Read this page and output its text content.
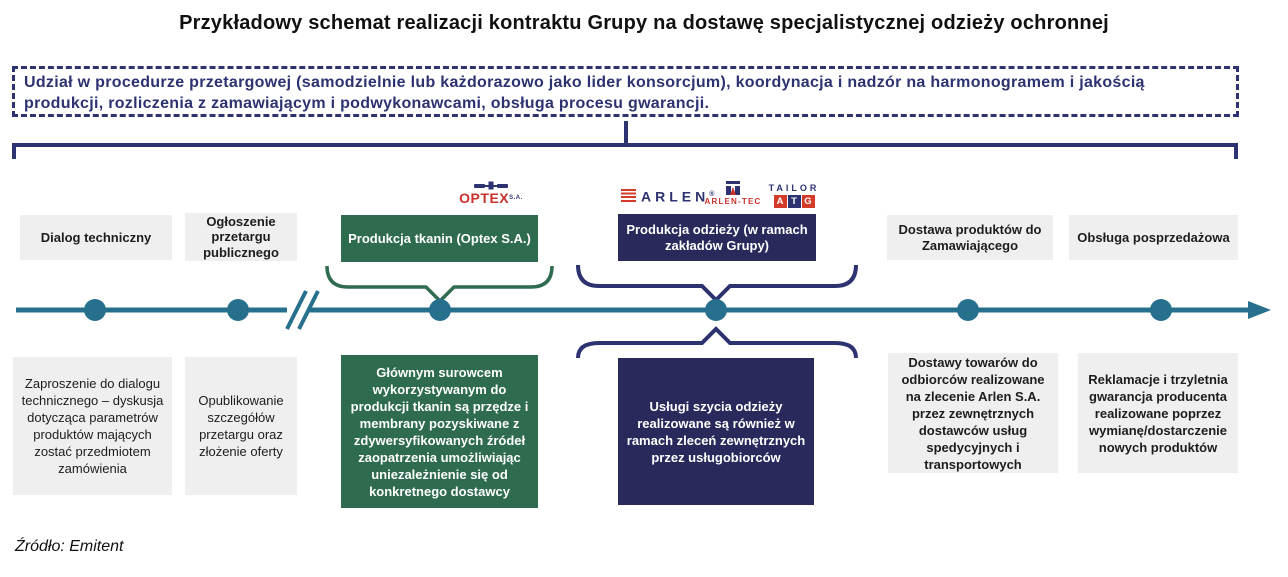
Przykładowy schemat realizacji kontraktu Grupy na dostawę specjalistycznej odzieży ochronnej
Udział w procedurze przetargowej (samodzielnie lub każdorazowo jako lider konsorcjum), koordynacja i nadzór na harmonogramem i jakością produkcji, rozliczenia z zamawiającym i podwykonawcami, obsługa procesu gwarancji.
OPTEXS.A.	ARLEN®
ARLEN-TEC
TAILOR
A T G
Dialog techniczny
Ogłoszenie przetargu publicznego
Produkcja tkanin (Optex S.A.)
Produkcja odzieży (w ramach zakładów Grupy)
Dostawa produktów do Zamawiającego
Obsługa posprzedażowa
Zaproszenie do dialogu technicznego – dyskusja dotycząca parametrów produktów mających zostać przedmiotem zamówienia
Opublikowanie szczegółów przetargu oraz złożenie oferty
Głównym surowcem wykorzystywanym do produkcji tkanin są przędze i membrany pozyskiwane z zdywersyfikowanych źródeł zaopatrzenia umożliwiając uniezależnienie się od konkretnego dostawcy
Usługi szycia odzieży realizowane są również w ramach zleceń zewnętrznych przez usługobiorców
Dostawy towarów do odbiorców realizowane na zlecenie Arlen S.A. przez zewnętrznych dostawców usług spedycyjnych i transportowych
Reklamacje i trzyletnia gwarancja producenta realizowane poprzez wymianę/dostarczenie nowych produktów
Źródło: Emitent
